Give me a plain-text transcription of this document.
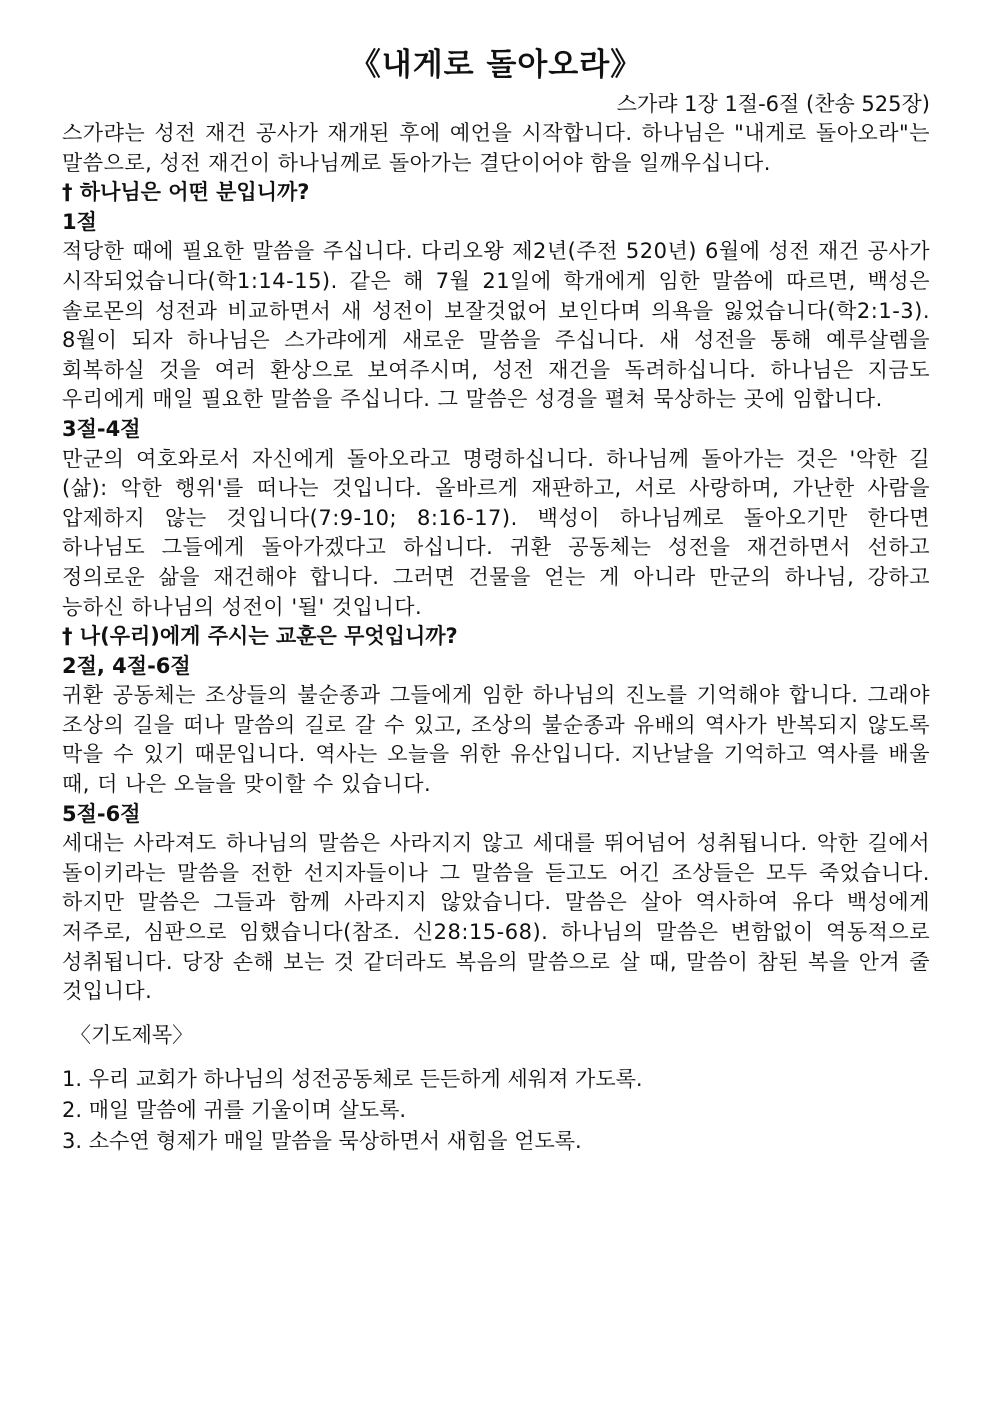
《내게로 돌아오라》

스가랴 1장 1절-6절 (찬송 525장)

스가랴는 성전 재건 공사가 재개된 후에 예언을 시작합니다. 하나님은 "내게로 돌아오라"는 말씀으로, 성전 재건이 하나님께로 돌아가는 결단이어야 함을 일깨우십니다.

† 하나님은 어떤 분입니까?

1절

적당한 때에 필요한 말씀을 주십니다. 다리오왕 제2년(주전 520년) 6월에 성전 재건 공사가 시작되었습니다(학1:14-15). 같은 해 7월 21일에 학개에게 임한 말씀에 따르면, 백성은 솔로몬의 성전과 비교하면서 새 성전이 보잘것없어 보인다며 의욕을 잃었습니다(학2:1-3). 8월이 되자 하나님은 스가랴에게 새로운 말씀을 주십니다. 새 성전을 통해 예루살렘을 회복하실 것을 여러 환상으로 보여주시며, 성전 재건을 독려하십니다. 하나님은 지금도 우리에게 매일 필요한 말씀을 주십니다. 그 말씀은 성경을 펼쳐 묵상하는 곳에 임합니다.

3절-4절

만군의 여호와로서 자신에게 돌아오라고 명령하십니다. 하나님께 돌아가는 것은 '악한 길(삶): 악한 행위'를 떠나는 것입니다. 올바르게 재판하고, 서로 사랑하며, 가난한 사람을 압제하지 않는 것입니다(7:9-10; 8:16-17). 백성이 하나님께로 돌아오기만 한다면 하나님도 그들에게 돌아가겠다고 하십니다. 귀환 공동체는 성전을 재건하면서 선하고 정의로운 삶을 재건해야 합니다. 그러면 건물을 얻는 게 아니라 만군의 하나님, 강하고 능하신 하나님의 성전이 '될' 것입니다.

† 나(우리)에게 주시는 교훈은 무엇입니까?

2절, 4절-6절

귀환 공동체는 조상들의 불순종과 그들에게 임한 하나님의 진노를 기억해야 합니다. 그래야 조상의 길을 떠나 말씀의 길로 갈 수 있고, 조상의 불순종과 유배의 역사가 반복되지 않도록 막을 수 있기 때문입니다. 역사는 오늘을 위한 유산입니다. 지난날을 기억하고 역사를 배울 때, 더 나은 오늘을 맞이할 수 있습니다.

5절-6절

세대는 사라져도 하나님의 말씀은 사라지지 않고 세대를 뛰어넘어 성취됩니다. 악한 길에서 돌이키라는 말씀을 전한 선지자들이나 그 말씀을 듣고도 어긴 조상들은 모두 죽었습니다. 하지만 말씀은 그들과 함께 사라지지 않았습니다. 말씀은 살아 역사하여 유다 백성에게 저주로, 심판으로 임했습니다(참조. 신28:15-68). 하나님의 말씀은 변함없이 역동적으로 성취됩니다. 당장 손해 보는 것 같더라도 복음의 말씀으로 살 때, 말씀이 참된 복을 안겨 줄 것입니다.

〈기도제목〉

1. 우리 교회가 하나님의 성전공동체로 든든하게 세워져 가도록.
2. 매일 말씀에 귀를 기울이며 살도록.
3. 소수연 형제가 매일 말씀을 묵상하면서 새힘을 얻도록.
